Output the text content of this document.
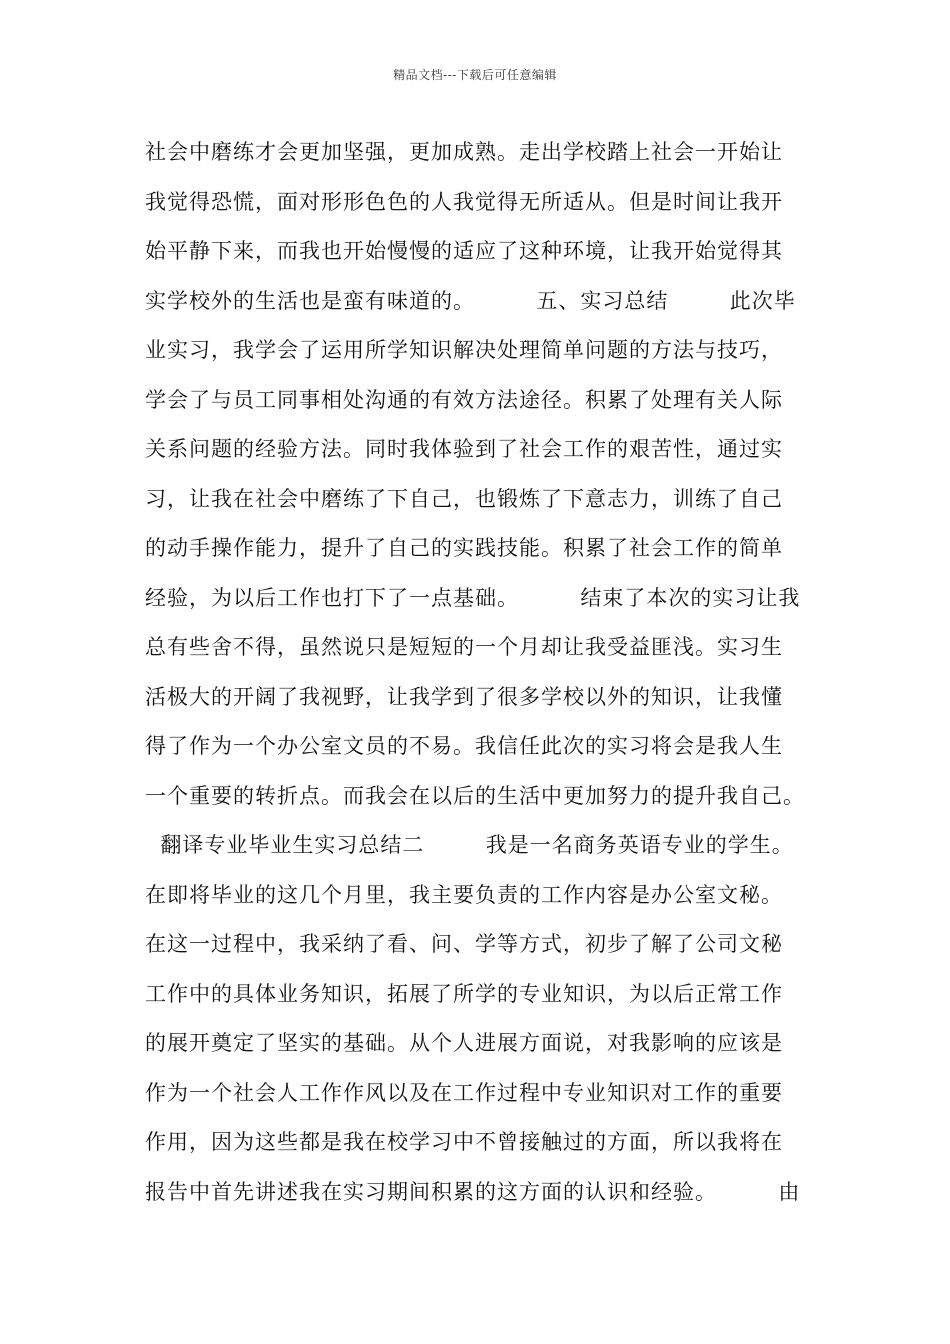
精品文档---下载后可任意编辑
社会中磨练才会更加坚强，更加成熟。走出学校踏上社会一开始让
我觉得恐慌，面对形形色色的人我觉得无所适从。但是时间让我开
始平静下来，而我也开始慢慢的适应了这种环境，让我开始觉得其
实学校外的生活也是蛮有味道的。        五、实习总结        此次毕
业实习，我学会了运用所学知识解决处理简单问题的方法与技巧，
学会了与员工同事相处沟通的有效方法途径。积累了处理有关人际
关系问题的经验方法。同时我体验到了社会工作的艰苦性，通过实
习，让我在社会中磨练了下自己，也锻炼了下意志力，训练了自己
的动手操作能力，提升了自己的实践技能。积累了社会工作的简单
经验，为以后工作也打下了一点基础。        结束了本次的实习让我
总有些舍不得，虽然说只是短短的一个月却让我受益匪浅。实习生
活极大的开阔了我视野，让我学到了很多学校以外的知识，让我懂
得了作为一个办公室文员的不易。我信任此次的实习将会是我人生
一个重要的转折点。而我会在以后的生活中更加努力的提升我自己。
翻译专业毕业生实习总结二        我是一名商务英语专业的学生。
在即将毕业的这几个月里，我主要负责的工作内容是办公室文秘。
在这一过程中，我采纳了看、问、学等方式，初步了解了公司文秘
工作中的具体业务知识，拓展了所学的专业知识，为以后正常工作
的展开奠定了坚实的基础。从个人进展方面说，对我影响的应该是
作为一个社会人工作作风以及在工作过程中专业知识对工作的重要
作用，因为这些都是我在校学习中不曾接触过的方面，所以我将在
报告中首先讲述我在实习期间积累的这方面的认识和经验。        由
